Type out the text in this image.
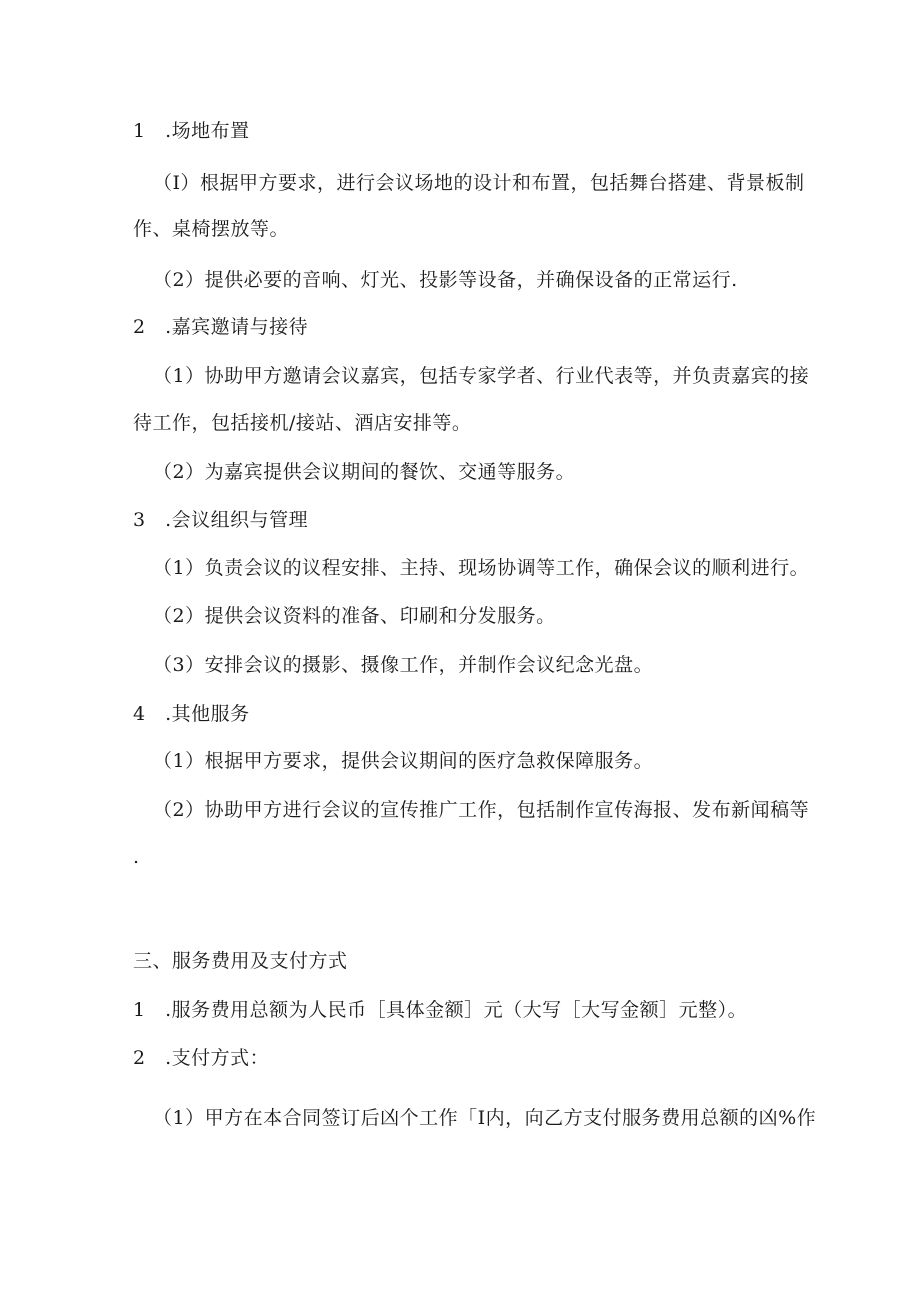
1　.场地布置
（I）根据甲方要求，进行会议场地的设计和布置，包括舞台搭建、背景板制
作、桌椅摆放等。
（2）提供必要的音响、灯光、投影等设备，并确保设备的正常运行.
2　.嘉宾邀请与接待
（1）协助甲方邀请会议嘉宾，包括专家学者、行业代表等，并负责嘉宾的接
待工作，包括接机/接站、酒店安排等。
（2）为嘉宾提供会议期间的餐饮、交通等服务。
3　.会议组织与管理
（1）负责会议的议程安排、主持、现场协调等工作，确保会议的顺利进行。
（2）提供会议资料的准备、印刷和分发服务。
（3）安排会议的摄影、摄像工作，并制作会议纪念光盘。
4　.其他服务
（1）根据甲方要求，提供会议期间的医疗急救保障服务。
（2）协助甲方进行会议的宣传推广工作，包括制作宣传海报、发布新闻稿等
.
三、服务费用及支付方式
1　.服务费用总额为人民币［具体金额］元（大写［大写金额］元整）。
2　.支付方式：
（1）甲方在本合同签订后凶个工作「I内，向乙方支付服务费用总额的凶%作
